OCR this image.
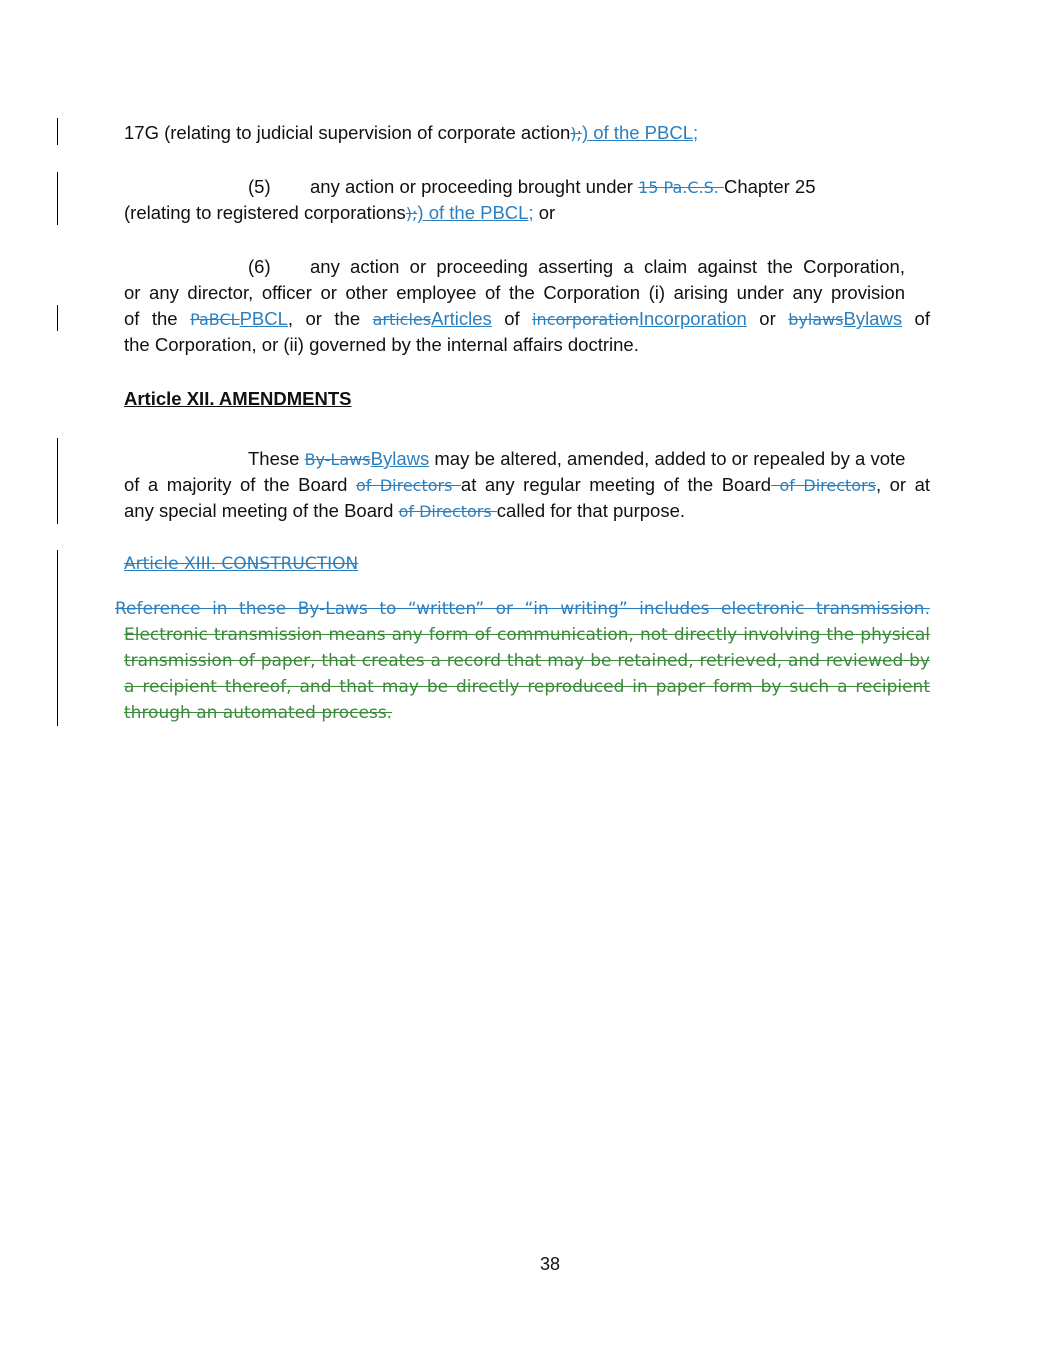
17G (relating to judicial supervision of corporate action);) of the PBCL;
(5) any action or proceeding brought under 15 Pa.C.S. Chapter 25
(relating to registered corporations);) of the PBCL; or
(6) any action or proceeding asserting a claim against the Corporation,
or any director, officer or other employee of the Corporation (i) arising under any provision
of the PaBCLPBCL, or the articlesArticles of incorporationIncorporation or bylawsBylaws of
the Corporation, or (ii) governed by the internal affairs doctrine.
Article XII. AMENDMENTS
These By-LawsBylaws may be altered, amended, added to or repealed by a vote
of a majority of the Board of Directors at any regular meeting of the Board of Directors, or at
any special meeting of the Board of Directors called for that purpose.
Article XIII. CONSTRUCTION
Reference in these By-Laws to “written” or “in writing” includes electronic transmission.
Electronic transmission means any form of communication, not directly involving the physical
transmission of paper, that creates a record that may be retained, retrieved, and reviewed by
a recipient thereof, and that may be directly reproduced in paper form by such a recipient
through an automated process.
38
